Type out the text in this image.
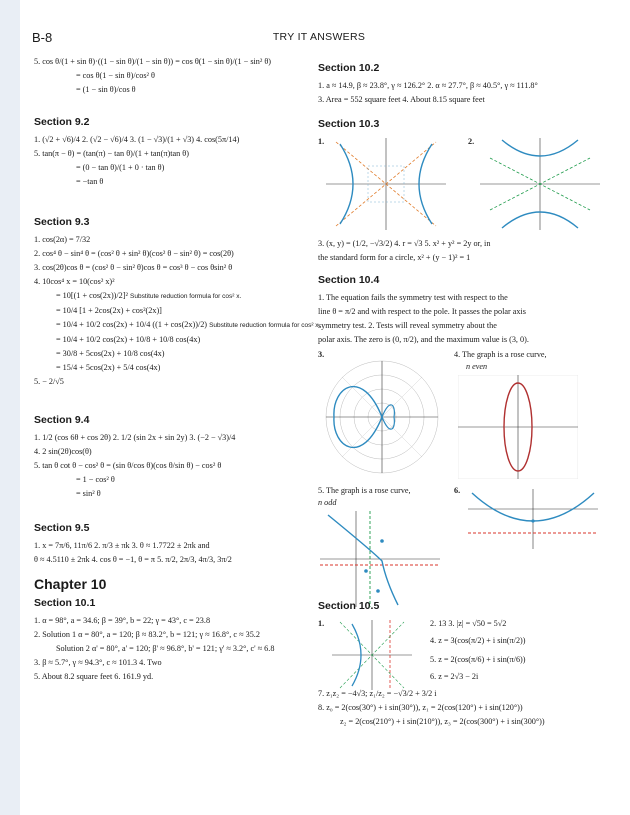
B-8	TRY IT ANSWERS
5. cos θ/(1 + sin θ)·((1 − sin θ)/(1 − sin θ)) = cos θ(1 − sin θ)/(1 − sin² θ)
= cos θ(1 − sin θ)/cos² θ
= (1 − sin θ)/cos θ
Section 9.2
1. (√2 + √6)/4 2. (√2 − √6)/4 3. (1 − √3)/(1 + √3) 4. cos(5π/14)
5. tan(π − θ) = (tan(π) − tan θ)/(1 + tan(π)tan θ)
= (0 − tan θ)/(1 + 0 · tan θ)
= −tan θ
Section 9.3
1. cos(2α) = 7/32
2. cos⁴ θ − sin⁴ θ = (cos² θ + sin² θ)(cos² θ − sin² θ) = cos(2θ)
3. cos(2θ)cos θ = (cos² θ − sin² θ)cos θ = cos³ θ − cos θsin² θ
4. 10cos⁴ x = 10(cos² x)²
= 10[(1 + cos(2x))/2]² Substitute reduction formula for cos² x.
= 10/4 [1 + 2cos(2x) + cos²(2x)]
= 10/4 + 10/2 cos(2x) + 10/4 ((1 + cos(2x))/2) Substitute reduction formula for cos² x.
= 10/4 + 10/2 cos(2x) + 10/8 + 10/8 cos(4x)
= 30/8 + 5cos(2x) + 10/8 cos(4x)
= 15/4 + 5cos(2x) + 5/4 cos(4x)
5. − 2/√5
Section 9.4
1. 1/2 (cos 6θ + cos 2θ) 2. 1/2 (sin 2x + sin 2y) 3. (−2 − √3)/4
4. 2 sin(2θ)cos(θ)
5. tan θ cot θ − cos² θ = (sin θ/cos θ)(cos θ/sin θ) − cos² θ
= 1 − cos² θ
= sin² θ
Section 9.5
1. x = 7π/6, 11π/6 2. π/3 ± πk 3. θ ≈ 1.7722 ± 2πk and
θ ≈ 4.5110 ± 2πk 4. cos θ = −1, θ = π 5. π/2, 2π/3, 4π/3, 3π/2
Chapter 10
Section 10.1
1. α = 98°, a = 34.6; β = 39°, b = 22; γ = 43°, c = 23.8
2. Solution 1 α = 80°, a = 120; β ≈ 83.2°, b = 121; γ ≈ 16.8°, c ≈ 35.2
Solution 2 α' = 80°, a' = 120; β' ≈ 96.8°, b' = 121; γ' ≈ 3.2°, c' ≈ 6.8
3. β ≈ 5.7°, γ ≈ 94.3°, c ≈ 101.3 4. Two
5. About 8.2 square feet 6. 161.9 yd.
Section 10.2
1. a ≈ 14.9, β ≈ 23.8°, γ ≈ 126.2° 2. α ≈ 27.7°, β ≈ 40.5°, γ ≈ 111.8°
3. Area = 552 square feet 4. About 8.15 square feet
Section 10.3
1.	2.
3. (x, y) = (1/2, −√3/2) 4. r = √3 5. x² + y² = 2y or, in
the standard form for a circle, x² + (y − 1)² = 1
Section 10.4
1. The equation fails the symmetry test with respect to the
line θ = π/2 and with respect to the pole. It passes the polar axis
symmetry test. 2. Tests will reveal symmetry about the
polar axis. The zero is (0, π/2), and the maximum value is (3, 0).
3.	4. The graph is a rose curve,
n even
5. The graph is a rose curve,
n odd
6.
Section 10.5
1.	2. 13 3. |z| = √50 = 5√2
4. z = 3(cos(π/2) + i sin(π/2))
5. z = 2(cos(π/6) + i sin(π/6))
6. z = 2√3 − 2i
7. z₁z₂ = −4√3; z₁/z₂ = −√3/2 + 3/2 i
8. z₀ = 2(cos(30°) + i sin(30°)), z₁ = 2(cos(120°) + i sin(120°))
z₂ = 2(cos(210°) + i sin(210°)), z₃ = 2(cos(300°) + i sin(300°))
